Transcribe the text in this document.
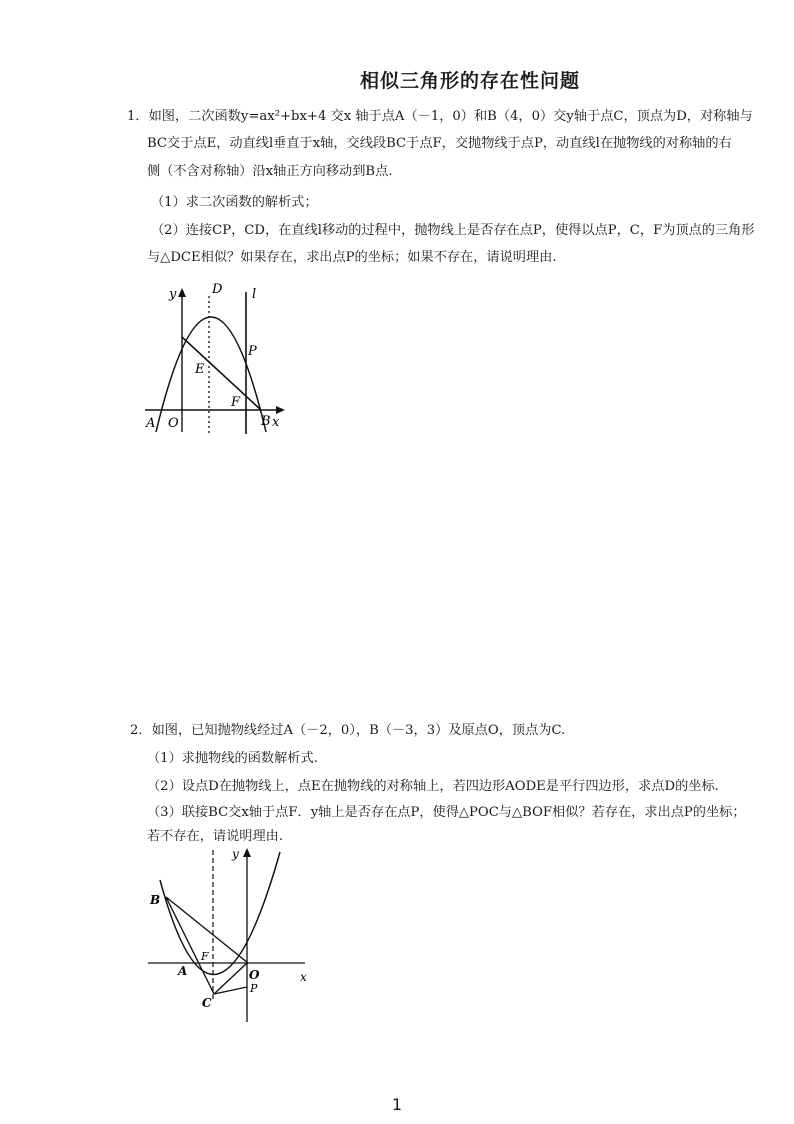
相似三角形的存在性问题
1．如图，二次函数y=ax²+bx+4 交x 轴于点A（－1，0）和B（4，0）交y轴于点C，顶点为D，对称轴与
BC交于点E，动直线l垂直于x轴，交线段BC于点F，交抛物线于点P，动直线l在抛物线的对称轴的右
侧（不含对称轴）沿x轴正方向移动到B点.
（1）求二次函数的解析式；
（2）连接CP，CD，在直线l移动的过程中，抛物线上是否存在点P，使得以点P，C，F为顶点的三角形
与△DCE相似？如果存在，求出点P的坐标；如果不存在，请说明理由.
y	D l
P
E
F
A O	B x
2．如图，已知抛物线经过A（－2，0），B（－3，3）及原点O，顶点为C.
（1）求抛物线的函数解析式.
（2）设点D在抛物线上，点E在抛物线的对称轴上，若四边形AODE是平行四边形，求点D的坐标.
（3）联接BC交x轴于点F．y轴上是否存在点P，使得△POC与△BOF相似？若存在，求出点P的坐标；
若不存在，请说明理由.
y
B
F
A
C
O
P
x
1
